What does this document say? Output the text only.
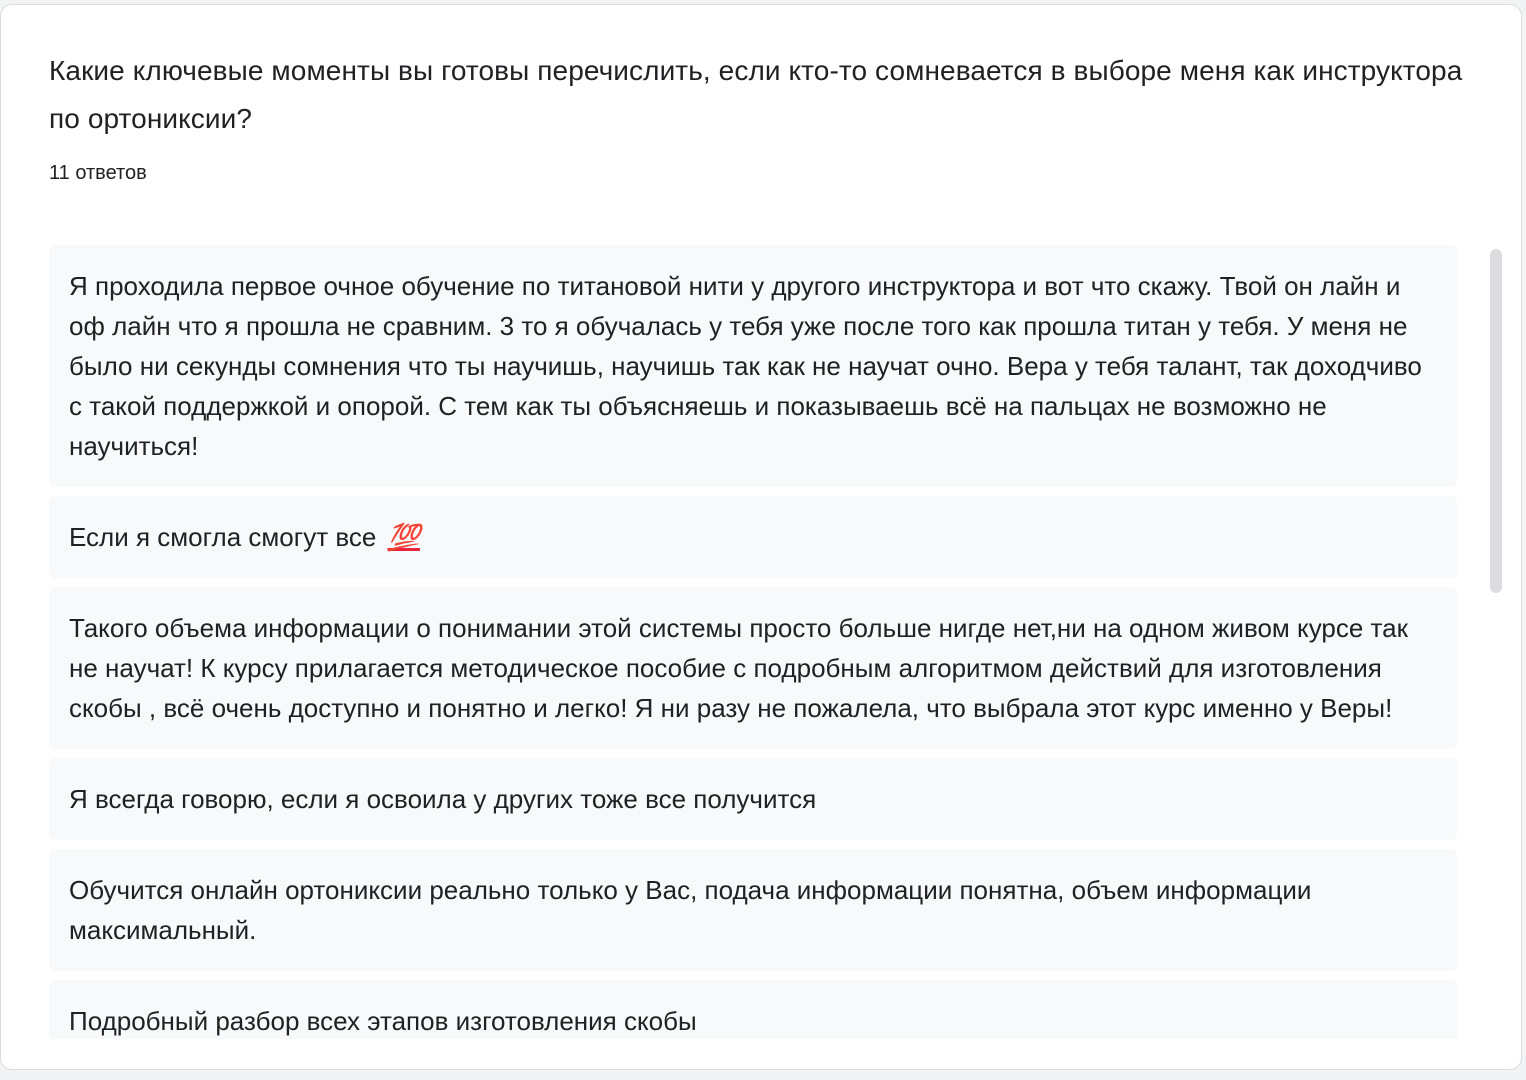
Какие ключевые моменты вы готовы перечислить, если кто-то сомневается в выборе меня как инструктора по ортониксии?
11 ответов
Я проходила первое очное обучение по титановой нити у другого инструктора и вот что скажу. Твой он лайн и оф лайн что я прошла не сравним. 3 то я обучалась у тебя уже после того как прошла титан у тебя. У меня не было ни секунды сомнения что ты научишь, научишь так как не научат очно. Вера у тебя талант, так доходчиво с такой поддержкой и опорой. С тем как ты объясняешь и показываешь всё на пальцах не возможно не научиться!
Если я смогла смогут все 💯
Такого объема информации о понимании этой системы просто больше нигде нет,ни на одном живом курсе так не научат! К курсу прилагается методическое пособие с подробным алгоритмом действий для изготовления скобы , всё очень доступно и понятно и легко! Я ни разу не пожалела, что выбрала этот курс именно у Веры!
Я всегда говорю, если я освоила у других тоже все получится
Обучится онлайн ортониксии реально только у Вас, подача информации понятна, объем информации максимальный.
Подробный разбор всех этапов изготовления скобы
